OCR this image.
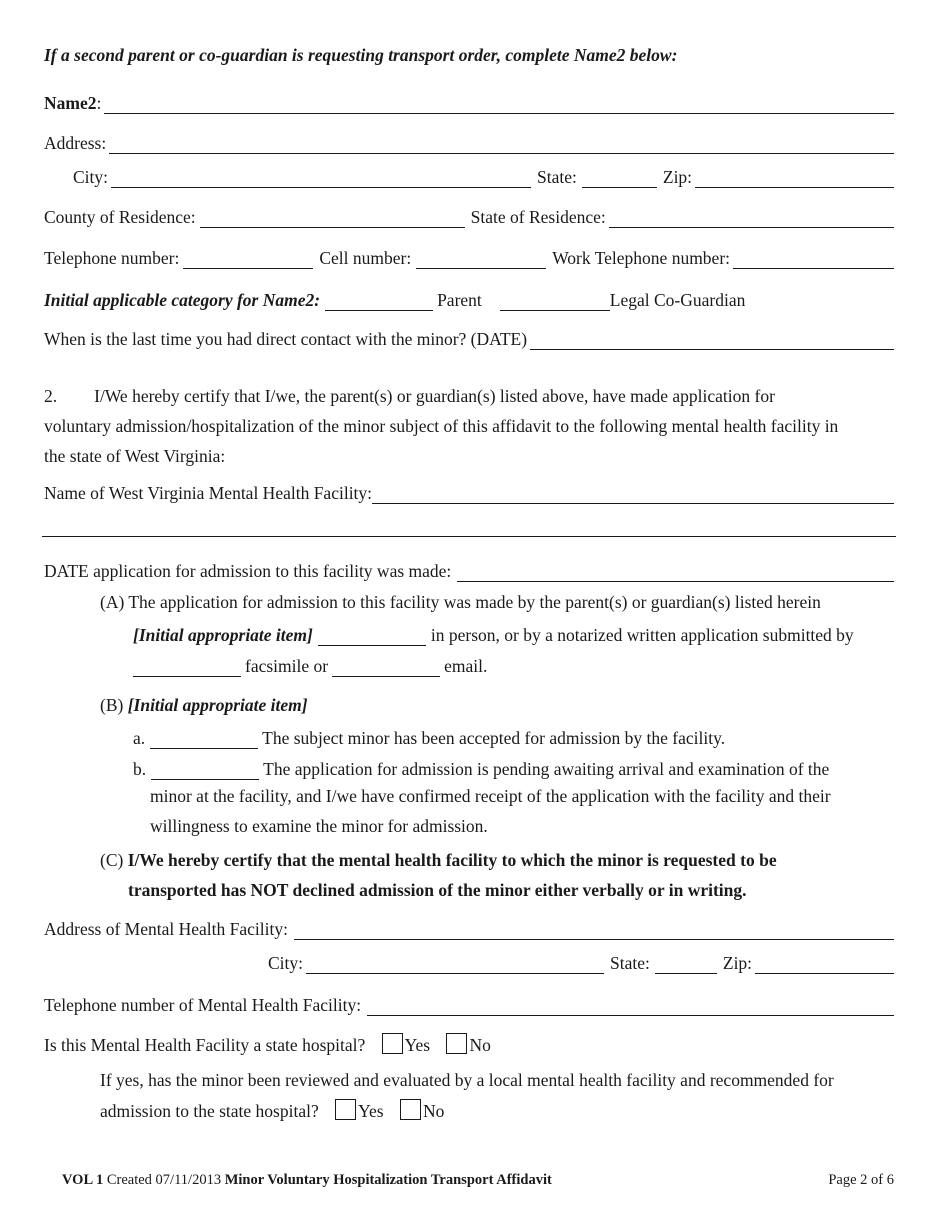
If a second parent or co-guardian is requesting transport order, complete Name2 below:
Name2 :
Address:
City:	State:	Zip:
County of Residence:	State of Residence:
Telephone number:	Cell number:	Work Telephone number:
Initial applicable category for Name2:	Parent	Legal Co-Guardian
When is the last time you had direct contact with the minor? (DATE)
2. I/We hereby certify that I/we, the parent(s) or guardian(s) listed above, have made application for
voluntary admission/hospitalization of the minor subject of this affidavit to the following mental health facility in
the state of West Virginia:
Name of West Virginia Mental Health Facility:
DATE application for admission to this facility was made:
(A) The application for admission to this facility was made by the parent(s) or guardian(s) listed herein
[Initial appropriate item]	in person, or by a notarized written application submitted by
facsimile or	email.
(B) [Initial appropriate item]
a.	The subject minor has been accepted for admission by the facility.
b.	The application for admission is pending awaiting arrival and examination of the
minor at the facility, and I/we have confirmed receipt of the application with the facility and their
willingness to examine the minor for admission.
(C) I/We hereby certify that the mental health facility to which the minor is requested to be
transported has NOT declined admission of the minor either verbally or in writing.
Address of Mental Health Facility:
City:	State:	Zip:
Telephone number of Mental Health Facility:
Is this Mental Health Facility a state hospital? Yes No
If yes, has the minor been reviewed and evaluated by a local mental health facility and recommended for
admission to the state hospital? Yes No
VOL 1 Created 07/11/2013 Minor Voluntary Hospitalization Transport Affidavit	Page 2 of 6
